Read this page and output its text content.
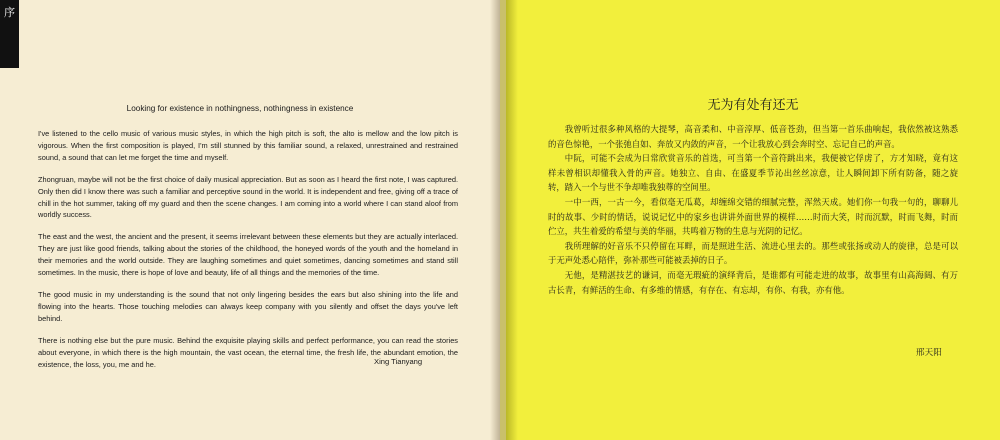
序
Looking for existence in nothingness, nothingness in existence

I've listened to the cello music of various music styles, in which the high pitch is soft, the alto is mellow and the low pitch is vigorous. When the first composition is played, I'm still stunned by this familiar sound, a relaxed, unrestrained and restrained sound, a sound that can let me forget the time and myself.

Zhongruan, maybe will not be the first choice of daily musical appreciation. But as soon as I heard the first note, I was captured. Only then did I know there was such a familiar and perceptive sound in the world. It is independent and free, giving off a trace of chill in the hot summer, taking off my guard and then the scene changes. I am coming into a world where I can stand aloof from worldly success.

The east and the west, the ancient and the present, it seems irrelevant between these elements but they are actually interlaced. They are just like good friends, talking about the stories of the childhood, the honeyed words of the youth and the homeland in their memories and the world outside. They are laughing sometimes and quiet sometimes, dancing sometimes and stand still sometimes. In the music, there is hope of love and beauty, life of all things and the memories of the time.

The good music in my understanding is the sound that not only lingering besides the ears but also shining into the life and flowing into the hearts. Those touching melodies can always keep company with you silently and offset the days you've left behind.

There is nothing else but the pure music. Behind the exquisite playing skills and perfect performance, you can read the stories about everyone, in which there is the high mountain, the vast ocean, the eternal time, the fresh life, the abundant emotion, the existence, the loss, you, me and he.	Xing Tianyang
无为有处有还无

我曾听过很多种风格的大提琴，高音柔和、中音淳厚、低音苍劲，但当第一首乐曲响起，我依然被这熟悉的音色惊艳，一个张弛自如、奔放又内敛的声音，一个让我放心到会奔时空、忘记自己的声音。

中阮，可能不会成为日常欣赏音乐的首选，可当第一个音符跳出来，我便被它俘虏了，方才知晓，竟有这样未曾相识却懂我入骨的声音。她独立、自由、在盛夏季节沁出丝丝凉意，让人瞬间卸下所有防备，随之旋转，踏入一个与世不争却唯我独尊的空间里。

一中一西，一古一今，看似毫无瓜葛，却缠绵交错的细腻完整，浑然天成。她们你一句我一句的，聊聊儿时的故事、少时的情话，说说记忆中的家乡也讲讲外面世界的模样……时而大笑，时而沉默，时而飞舞，时而伫立，共生着爱的希望与美的华丽，共鸣着万物的生息与光阴的记忆。

我所理解的好音乐不只停留在耳畔，而是照进生活、流进心里去的。那些或张扬或动人的旋律，总是可以于无声处悉心陪伴，弥补那些可能被丢掉的日子。

无他，是精湛技艺的谦词，而毫无瑕疵的演绎背后，是谁都有可能走进的故事，故事里有山高海阔、有万古长青，有鲜活的生命、有多维的情感，有存在、有忘却，有你、有我，亦有他。

邢天阳
